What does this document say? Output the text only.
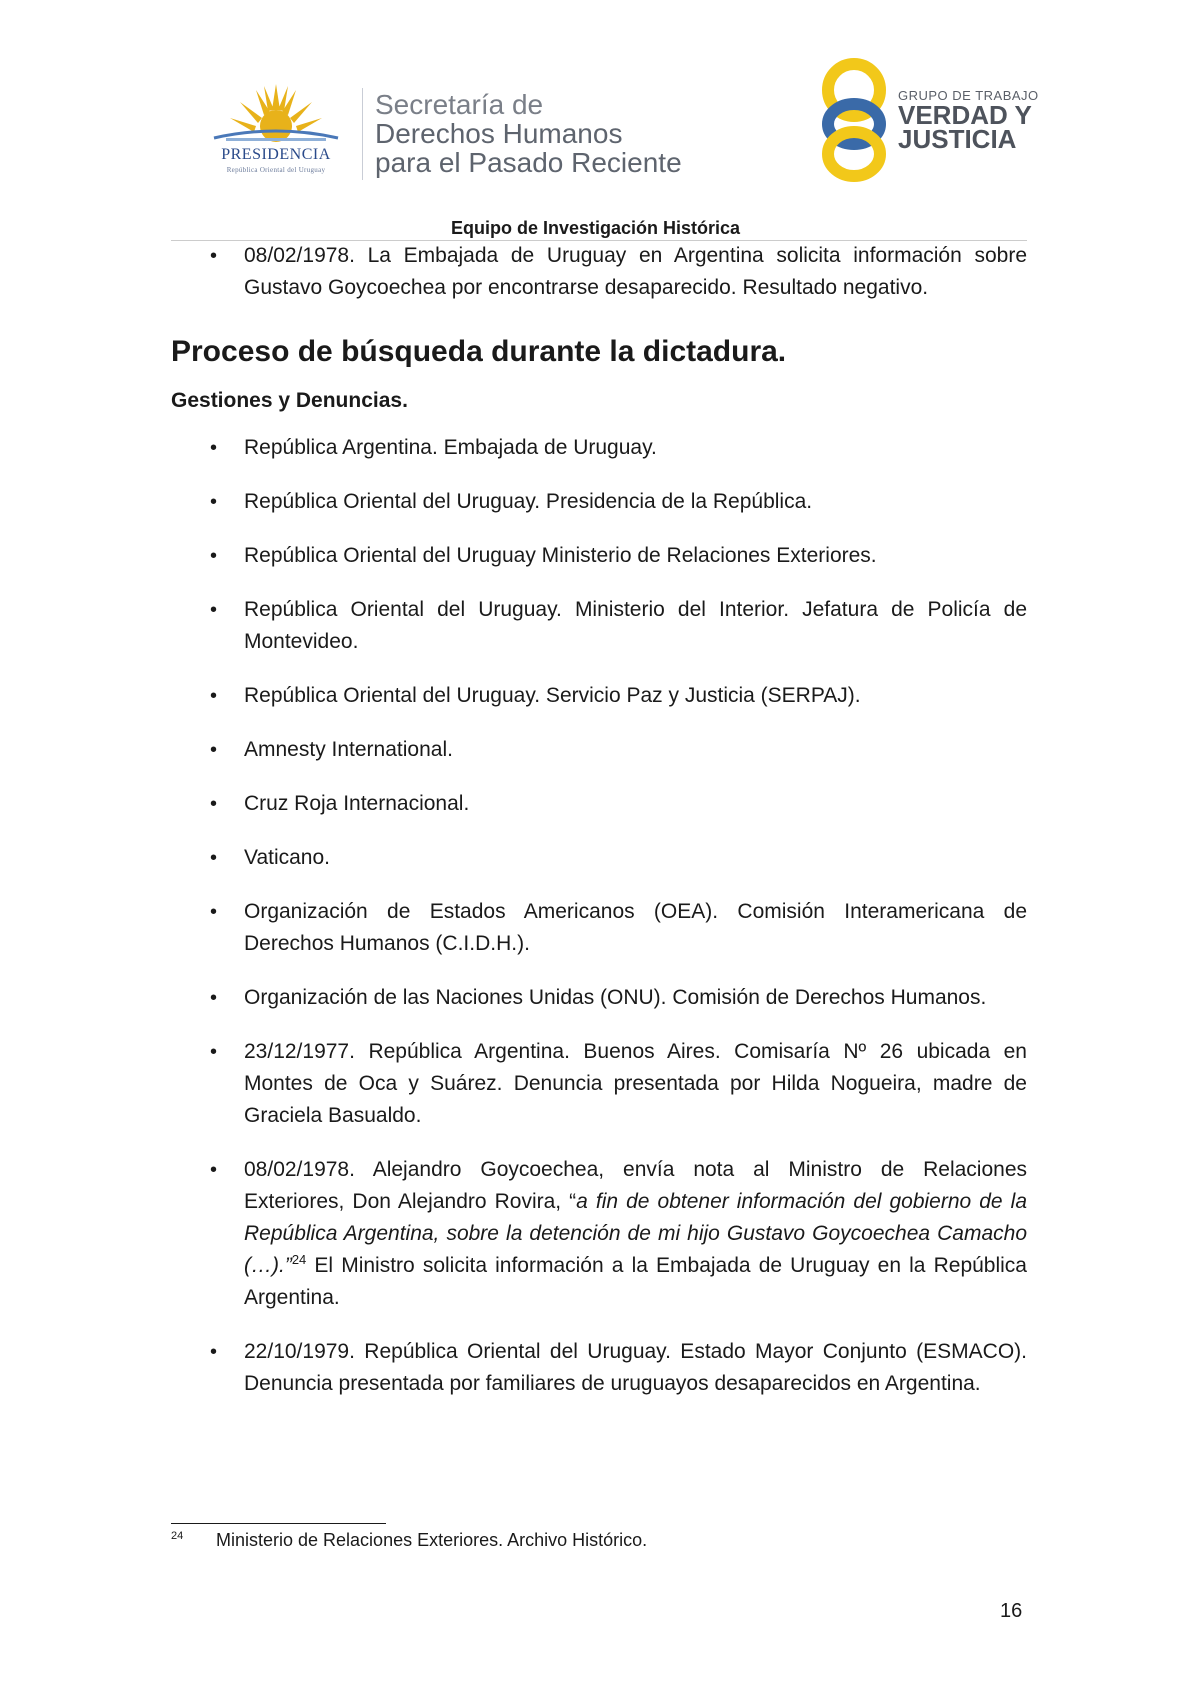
PRESIDENCIA
República Oriental del Uruguay
Secretaría de
Derechos Humanos
para el Pasado Reciente
GRUPO DE TRABAJO
VERDAD Y
JUSTICIA
Equipo de Investigación Histórica
• 08/02/1978. La Embajada de Uruguay en Argentina solicita información sobre Gustavo Goycoechea por encontrarse desaparecido. Resultado negativo.
Proceso de búsqueda durante la dictadura.
Gestiones y Denuncias.
• República Argentina. Embajada de Uruguay.
• República Oriental del Uruguay. Presidencia de la República.
• República Oriental del Uruguay Ministerio de Relaciones Exteriores.
• República Oriental del Uruguay. Ministerio del Interior. Jefatura de Policía de Montevideo.
• República Oriental del Uruguay. Servicio Paz y Justicia (SERPAJ).
• Amnesty International.
• Cruz Roja Internacional.
• Vaticano.
• Organización de Estados Americanos (OEA). Comisión Interamericana de Derechos Humanos (C.I.D.H.).
• Organización de las Naciones Unidas (ONU). Comisión de Derechos Humanos.
• 23/12/1977. República Argentina. Buenos Aires. Comisaría Nº 26 ubicada en Montes de Oca y Suárez. Denuncia presentada por Hilda Nogueira, madre de Graciela Basualdo.
• 08/02/1978. Alejandro Goycoechea, envía nota al Ministro de Relaciones Exteriores, Don Alejandro Rovira, “a fin de obtener información del gobierno de la República Argentina, sobre la detención de mi hijo Gustavo Goycoechea Camacho (…).”$^{24}$ El Ministro solicita información a la Embajada de Uruguay en la República Argentina.
• 22/10/1979. República Oriental del Uruguay. Estado Mayor Conjunto (ESMACO). Denuncia presentada por familiares de uruguayos desaparecidos en Argentina.
24 Ministerio de Relaciones Exteriores. Archivo Histórico.
16
